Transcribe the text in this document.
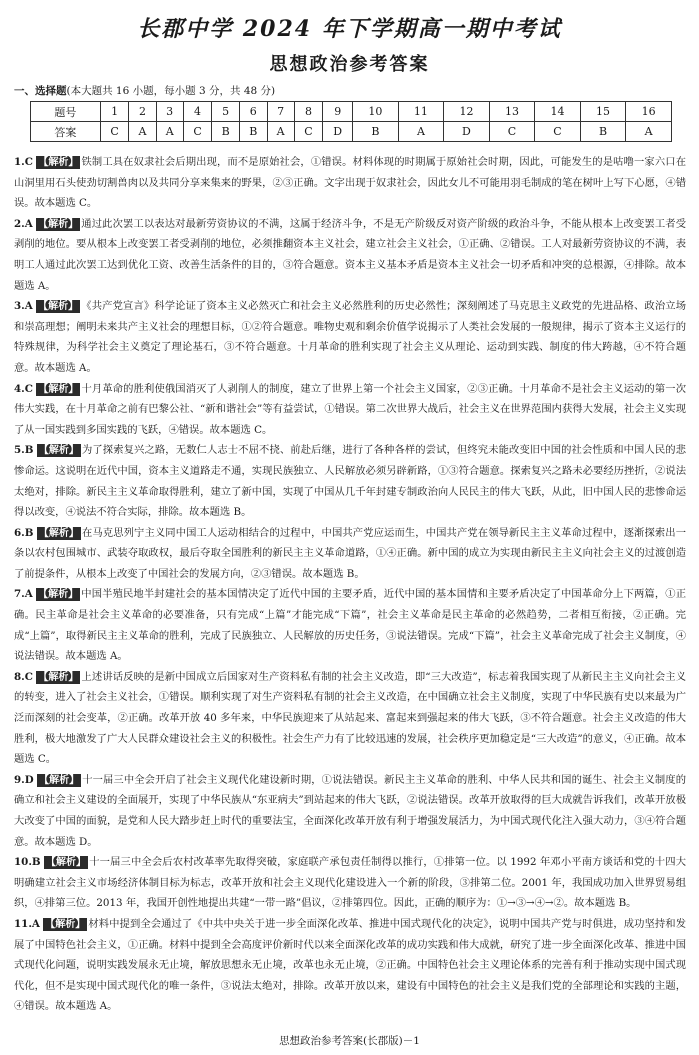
长郡中学 2024 年下学期高一期中考试
思想政治参考答案
一、选择题(本大题共 16 小题，每小题 3 分，共 48 分)
题号	1	2	3	4	5	6	7	8	9	10	11	12	13	14	15	16
答案	C	A	A	C	B	B	A	C	D	B	A	D	C	C	B	A
1.C 【解析】 铁制工具在奴隶社会后期出现，而不是原始社会，①错误。材料体现的时期属于原始社会时期，因此，可能发生的是咕噜一家六口在山洞里用石头使劲切割兽肉以及共同分享来集来的野果，②③正确。文字出现于奴隶社会，因此女儿不可能用羽毛制成的笔在树叶上写下心愿，④错误。故本题选 C。
2.A 【解析】 通过此次罢工以表达对最新劳资协议的不满，这属于经济斗争，不是无产阶级反对资产阶级的政治斗争，不能从根本上改变罢工者受剥削的地位。要从根本上改变罢工者受剥削的地位，必须推翻资本主义社会，建立社会主义社会，①正确、②错误。工人对最新劳资协议的不满，表明工人通过此次罢工达到优化工资、改善生活条件的目的，③符合题意。资本主义基本矛盾是资本主义社会一切矛盾和冲突的总根源，④排除。故本题选 A。
3.A 【解析】 《共产党宣言》科学论证了资本主义必然灭亡和社会主义必然胜利的历史必然性；深刻阐述了马克思主义政党的先进品格、政治立场和崇高理想；阐明未来共产主义社会的理想目标，①②符合题意。唯物史观和剩余价值学说揭示了人类社会发展的一般规律，揭示了资本主义运行的特殊规律，为科学社会主义奠定了理论基石，③不符合题意。十月革命的胜利实现了社会主义从理论、运动到实践、制度的伟大跨越，④不符合题意。故本题选 A。
4.C 【解析】 十月革命的胜利使俄国消灭了人剥削人的制度，建立了世界上第一个社会主义国家，②③正确。十月革命不是社会主义运动的第一次伟大实践，在十月革命之前有巴黎公社、“新和谐社会”等有益尝试，①错误。第二次世界大战后，社会主义在世界范围内获得大发展，社会主义实现了从一国实践到多国实践的飞跃，④错误。故本题选 C。
5.B 【解析】 为了探索复兴之路，无数仁人志士不屈不挠、前赴后继，进行了各种各样的尝试，但终究未能改变旧中国的社会性质和中国人民的悲惨命运。这说明在近代中国，资本主义道路走不通，实现民族独立、人民解放必须另辟新路，①③符合题意。探索复兴之路未必要经历挫折，②说法太绝对，排除。新民主主义革命取得胜利，建立了新中国，实现了中国从几千年封建专制政治向人民民主的伟大飞跃，从此，旧中国人民的悲惨命运得以改变，④说法不符合实际，排除。故本题选 B。
6.B 【解析】 在马克思列宁主义同中国工人运动相结合的过程中，中国共产党应运而生，中国共产党在领导新民主主义革命过程中，逐渐探索出一条以农村包围城市、武装夺取政权，最后夺取全国胜利的新民主主义革命道路，①④正确。新中国的成立为实现由新民主主义向社会主义的过渡创造了前提条件，从根本上改变了中国社会的发展方向，②③错误。故本题选 B。
7.A 【解析】 中国半殖民地半封建社会的基本国情决定了近代中国的主要矛盾，近代中国的基本国情和主要矛盾决定了中国革命分上下两篇，①正确。民主革命是社会主义革命的必要准备，只有完成“上篇”才能完成“下篇”，社会主义革命是民主革命的必然趋势，二者相互衔接，②正确。完成“上篇”，取得新民主主义革命的胜利，完成了民族独立、人民解放的历史任务，③说法错误。完成“下篇”，社会主义革命完成了社会主义制度，④说法错误。故本题选 A。
8.C 【解析】 上述讲话反映的是新中国成立后国家对生产资料私有制的社会主义改造，即“三大改造”，标志着我国实现了从新民主主义向社会主义的转变，进入了社会主义社会，①错误。顺利实现了对生产资料私有制的社会主义改造，在中国确立社会主义制度，实现了中华民族有史以来最为广泛而深刻的社会变革，②正确。改革开放 40 多年来，中华民族迎来了从站起来、富起来到强起来的伟大飞跃，③不符合题意。社会主义改造的伟大胜利，极大地激发了广大人民群众建设社会主义的积极性。社会生产力有了比较迅速的发展，社会秩序更加稳定是“三大改造”的意义，④正确。故本题选 C。
9.D 【解析】 十一届三中全会开启了社会主义现代化建设新时期，①说法错误。新民主主义革命的胜利、中华人民共和国的诞生、社会主义制度的确立和社会主义建设的全面展开，实现了中华民族从“东亚病夫”到站起来的伟大飞跃，②说法错误。改革开放取得的巨大成就告诉我们，改革开放极大改变了中国的面貌，是党和人民大踏步赶上时代的重要法宝，全面深化改革开放有利于增强发展活力，为中国式现代化注入强大动力，③④符合题意。故本题选 D。
10.B 【解析】 十一届三中全会后农村改革率先取得突破，家庭联产承包责任制得以推行，①排第一位。以 1992 年邓小平南方谈话和党的十四大明确建立社会主义市场经济体制目标为标志，改革开放和社会主义现代化建设进入一个新的阶段，③排第二位。2001 年，我国成功加入世界贸易组织，④排第三位。2013 年，我国开创性地提出共建“一带一路”倡议，②排第四位。因此，正确的顺序为：①→③→④→②。故本题选 B。
11.A 【解析】 材料中提到全会通过了《中共中央关于进一步全面深化改革、推进中国式现代化的决定》，说明中国共产党与时俱进，成功坚持和发展了中国特色社会主义，①正确。材料中提到全会高度评价新时代以来全面深化改革的成功实践和伟大成就，研究了进一步全面深化改革、推进中国式现代化问题，说明实践发展永无止境，解放思想永无止境，改革也永无止境，②正确。中国特色社会主义理论体系的完善有利于推动实现中国式现代化，但不是实现中国式现代化的唯一条件，③说法太绝对，排除。改革开放以来，建设有中国特色的社会主义是我们党的全部理论和实践的主题，④错误。故本题选 A。
思想政治参考答案(长郡版)－1
